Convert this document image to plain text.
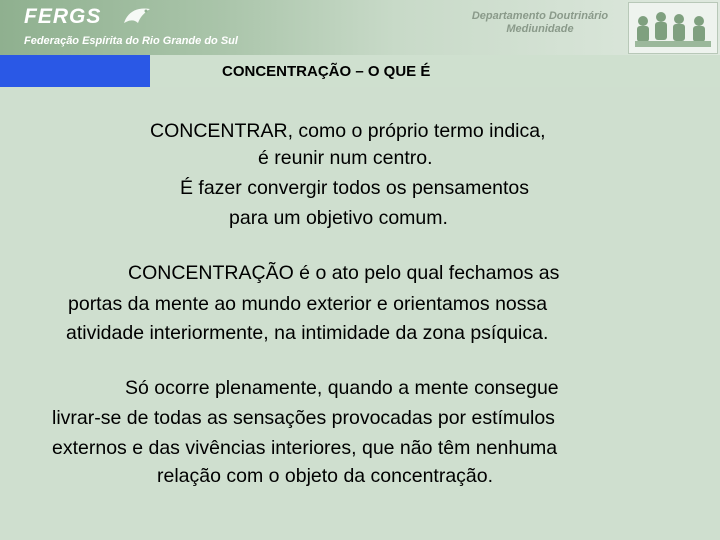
FERGS
Federação Espírita do Rio Grande do Sul
Departamento Doutrinário
Mediunidade
CONCENTRAÇÃO – O QUE É
CONCENTRAR, como o próprio termo indica,
é reunir num centro.
É fazer convergir todos os pensamentos
para um objetivo comum.
CONCENTRAÇÃO é o ato pelo qual fechamos as
portas da mente ao mundo exterior e orientamos nossa
atividade interiormente, na intimidade da zona psíquica.
Só ocorre plenamente, quando a mente consegue
livrar-se de todas as sensações provocadas por estímulos
externos e das vivências interiores, que não têm nenhuma
relação com o objeto da concentração.
